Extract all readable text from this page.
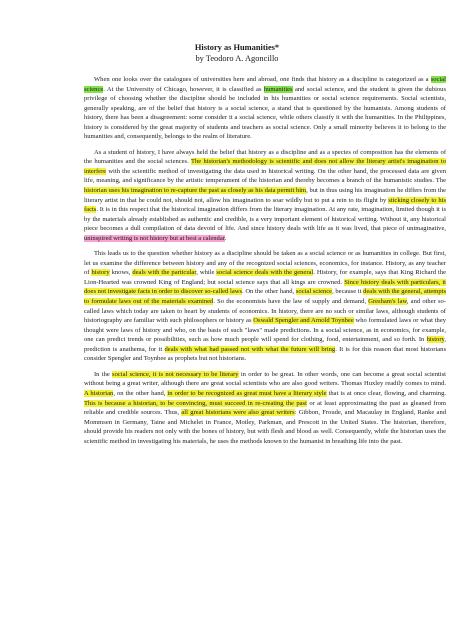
History as Humanities*
by Teodoro A. Agoncillo

When one looks over the catalogues of universities here and abroad, one finds that history as a discipline is categorized as a social science. At the University of Chicago, however, it is classified as humanities and social science, and the student is given the dubious privilege of choosing whether the discipline should be included in his humanities or social science requirements. Social scientists, generally speaking, are of the belief that history is a social science, a stand that is questioned by the humanists. Among students of history, there has been a disagreement: some consider it a social science, while others classify it with the humanities. In the Philippines, history is considered by the great majority of students and teachers as social science. Only a small minority believes it to belong to the humanities and, consequently, belongs to the realm of literature.

As a student of history, I have always held the belief that history as a discipline and as a species of composition has the elements of the humanities and the social sciences. The historian's methodology is scientific and does not allow the literary artist's imagination to interfere with the scientific method of investigating the data used in historical writing. On the other hand, the processed data are given life, meaning, and significance by the artistic temperament of the historian and thereby becomes a branch of the humanistic studies. The historian uses his imagination to re-capture the past as closely as his data permit him, but in thus using his imagination he differs from the literary artist in that he could not, should not, allow his imagination to soar wildly but to put a rein to its flight by sticking closely to his facts. It is in this respect that the historical imagination differs from the literary imagination. At any rate, imagination, limited though it is by the materials already established as authentic and credible, is a very important element of historical writing. Without it, any historical piece becomes a dull compilation of data devoid of life. And since history deals with life as it was lived, that piece of unimaginative, uninspired writing is not history but at best a calendar.

This leads us to the question whether history as a discipline should be taken as a social science or as humanities in college. But first, let us examine the difference between history and any of the recognized social sciences, economics, for instance. History, as any teacher of history knows, deals with the particular, while social science deals with the general. History, for example, says that King Richard the Lion-Hearted was crowned King of England; but social science says that all kings are crowned. Since history deals with particulars, it does not investigate facts in order to discover so-called laws. On the other hand, social science, because it deals with the general, attempts to formulate laws out of the materials examined. So the economists have the law of supply and demand, Gresham's law, and other so-called laws which today are taken to heart by students of economics. In history, there are no such or similar laws, although students of historiography are familiar with such philosophers or history as Oswald Spengler and Arnold Toynbee who formulated laws or what they thought were laws of history and who, on the basis of such "laws" made predictions. In a social science, as in economics, for example, one can predict trends or possibilities, such as how much people will spend for clothing, food, entertainment, and so forth. In history, prediction is anathema, for it deals with what had passed not with what the future will bring. It is for this reason that most historians consider Spengler and Toynbee as prophets but not historians.

In the social science, it is not necessary to be literary in order to be great. In other words, one can become a great social scientist without being a great writer, although there are great social scientists who are also good writers. Thomas Huxley readily comes to mind. A historian, on the other hand, in order to be recognized as great must have a literary style that is at once clear, flowing, and charming. This is because a historian, to be convincing, must succeed in re-creating the past or at least approximating the past as gleaned from reliable and credible sources. Thus, all great historians were also great writers: Gibbon, Froude, and Macaulay in England, Ranke and Mommsen in Germany, Taine and Michelet in France, Motley, Parkman, and Prescott in the United States. The historian, therefore, should provide his readers not only with the bones of history, but with flesh and blood as well. Consequently, while the historian uses the scientific method in investigating his materials, he uses the methods known to the humanist in breathing life into the past.
